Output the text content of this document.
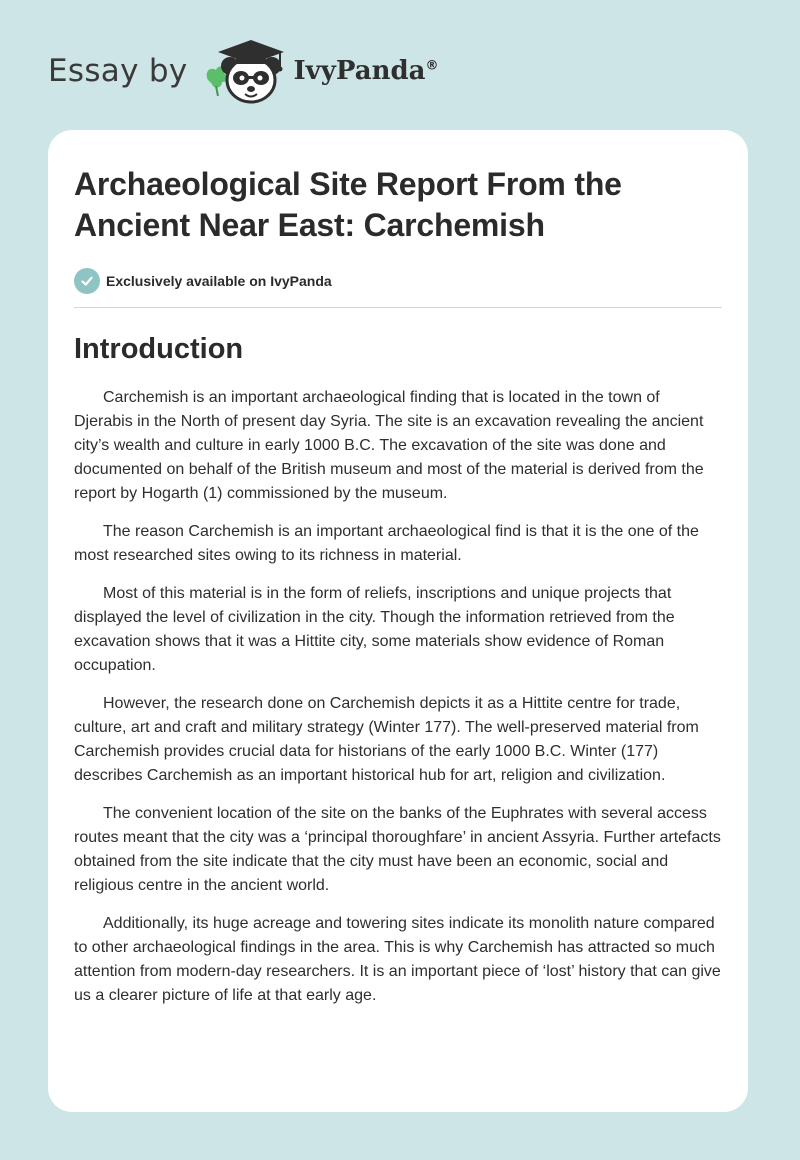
Essay by	IvyPanda®
Archaeological Site Report From the Ancient Near East: Carchemish
Exclusively available on IvyPanda
Introduction

Carchemish is an important archaeological finding that is located in the town of Djerabis in the North of present day Syria. The site is an excavation revealing the ancient city’s wealth and culture in early 1000 B.C. The excavation of the site was done and documented on behalf of the British museum and most of the material is derived from the report by Hogarth (1) commissioned by the museum.

The reason Carchemish is an important archaeological find is that it is the one of the most researched sites owing to its richness in material.

Most of this material is in the form of reliefs, inscriptions and unique projects that displayed the level of civilization in the city. Though the information retrieved from the excavation shows that it was a Hittite city, some materials show evidence of Roman occupation.

However, the research done on Carchemish depicts it as a Hittite centre for trade, culture, art and craft and military strategy (Winter 177). The well-preserved material from Carchemish provides crucial data for historians of the early 1000 B.C. Winter (177) describes Carchemish as an important historical hub for art, religion and civilization.

The convenient location of the site on the banks of the Euphrates with several access routes meant that the city was a ‘principal thoroughfare’ in ancient Assyria. Further artefacts obtained from the site indicate that the city must have been an economic, social and religious centre in the ancient world.

Additionally, its huge acreage and towering sites indicate its monolith nature compared to other archaeological findings in the area. This is why Carchemish has attracted so much attention from modern-day researchers. It is an important piece of ‘lost’ history that can give us a clearer picture of life at that early age.
